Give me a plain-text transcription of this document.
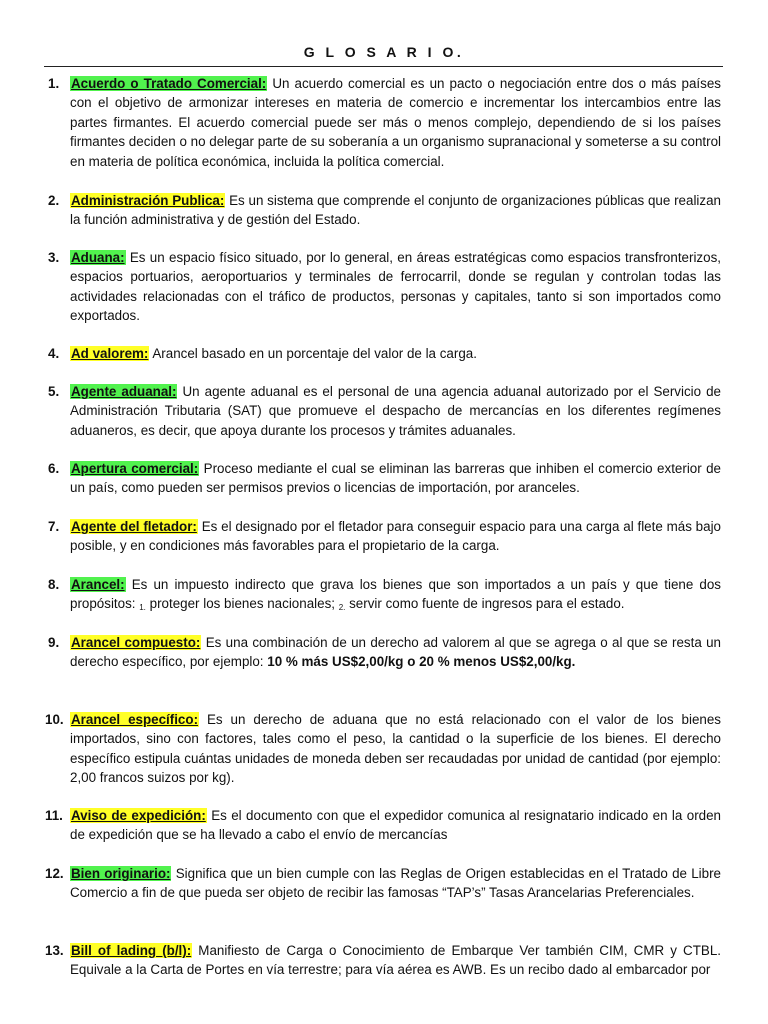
G L O S A R I O.
1. Acuerdo o Tratado Comercial: Un acuerdo comercial es un pacto o negociación entre dos o más países con el objetivo de armonizar intereses en materia de comercio e incrementar los intercambios entre las partes firmantes. El acuerdo comercial puede ser más o menos complejo, dependiendo de si los países firmantes deciden o no delegar parte de su soberanía a un organismo supranacional y someterse a su control en materia de política económica, incluida la política comercial.
2. Administración Publica: Es un sistema que comprende el conjunto de organizaciones públicas que realizan la función administrativa y de gestión del Estado.
3. Aduana: Es un espacio físico situado, por lo general, en áreas estratégicas como espacios transfronterizos, espacios portuarios, aeroportuarios y terminales de ferrocarril, donde se regulan y controlan todas las actividades relacionadas con el tráfico de productos, personas y capitales, tanto si son importados como exportados.
4. Ad valorem: Arancel basado en un porcentaje del valor de la carga.
5. Agente aduanal: Un agente aduanal es el personal de una agencia aduanal autorizado por el Servicio de Administración Tributaria (SAT) que promueve el despacho de mercancías en los diferentes regímenes aduaneros, es decir, que apoya durante los procesos y trámites aduanales.
6. Apertura comercial: Proceso mediante el cual se eliminan las barreras que inhiben el comercio exterior de un país, como pueden ser permisos previos o licencias de importación, por aranceles.
7. Agente del fletador: Es el designado por el fletador para conseguir espacio para una carga al flete más bajo posible, y en condiciones más favorables para el propietario de la carga.
8. Arancel: Es un impuesto indirecto que grava los bienes que son importados a un país y que tiene dos propósitos: $_{1.}$ proteger los bienes nacionales; $_{2.}$ servir como fuente de ingresos para el estado.
9. Arancel compuesto: Es una combinación de un derecho ad valorem al que se agrega o al que se resta un derecho específico, por ejemplo: 10 % más US$2,00/kg o 20 % menos US$2,00/kg.
10. Arancel específico: Es un derecho de aduana que no está relacionado con el valor de los bienes importados, sino con factores, tales como el peso, la cantidad o la superficie de los bienes. El derecho específico estipula cuántas unidades de moneda deben ser recaudadas por unidad de cantidad (por ejemplo: 2,00 francos suizos por kg).
11. Aviso de expedición: Es el documento con que el expedidor comunica al resignatario indicado en la orden de expedición que se ha llevado a cabo el envío de mercancías
12. Bien originario: Significa que un bien cumple con las Reglas de Origen establecidas en el Tratado de Libre Comercio a fin de que pueda ser objeto de recibir las famosas “TAP’s” Tasas Arancelarias Preferenciales.
13. Bill of lading (b/l): Manifiesto de Carga o Conocimiento de Embarque Ver también CIM, CMR y CTBL. Equivale a la Carta de Portes en vía terrestre; para vía aérea es AWB. Es un recibo dado al embarcador por
